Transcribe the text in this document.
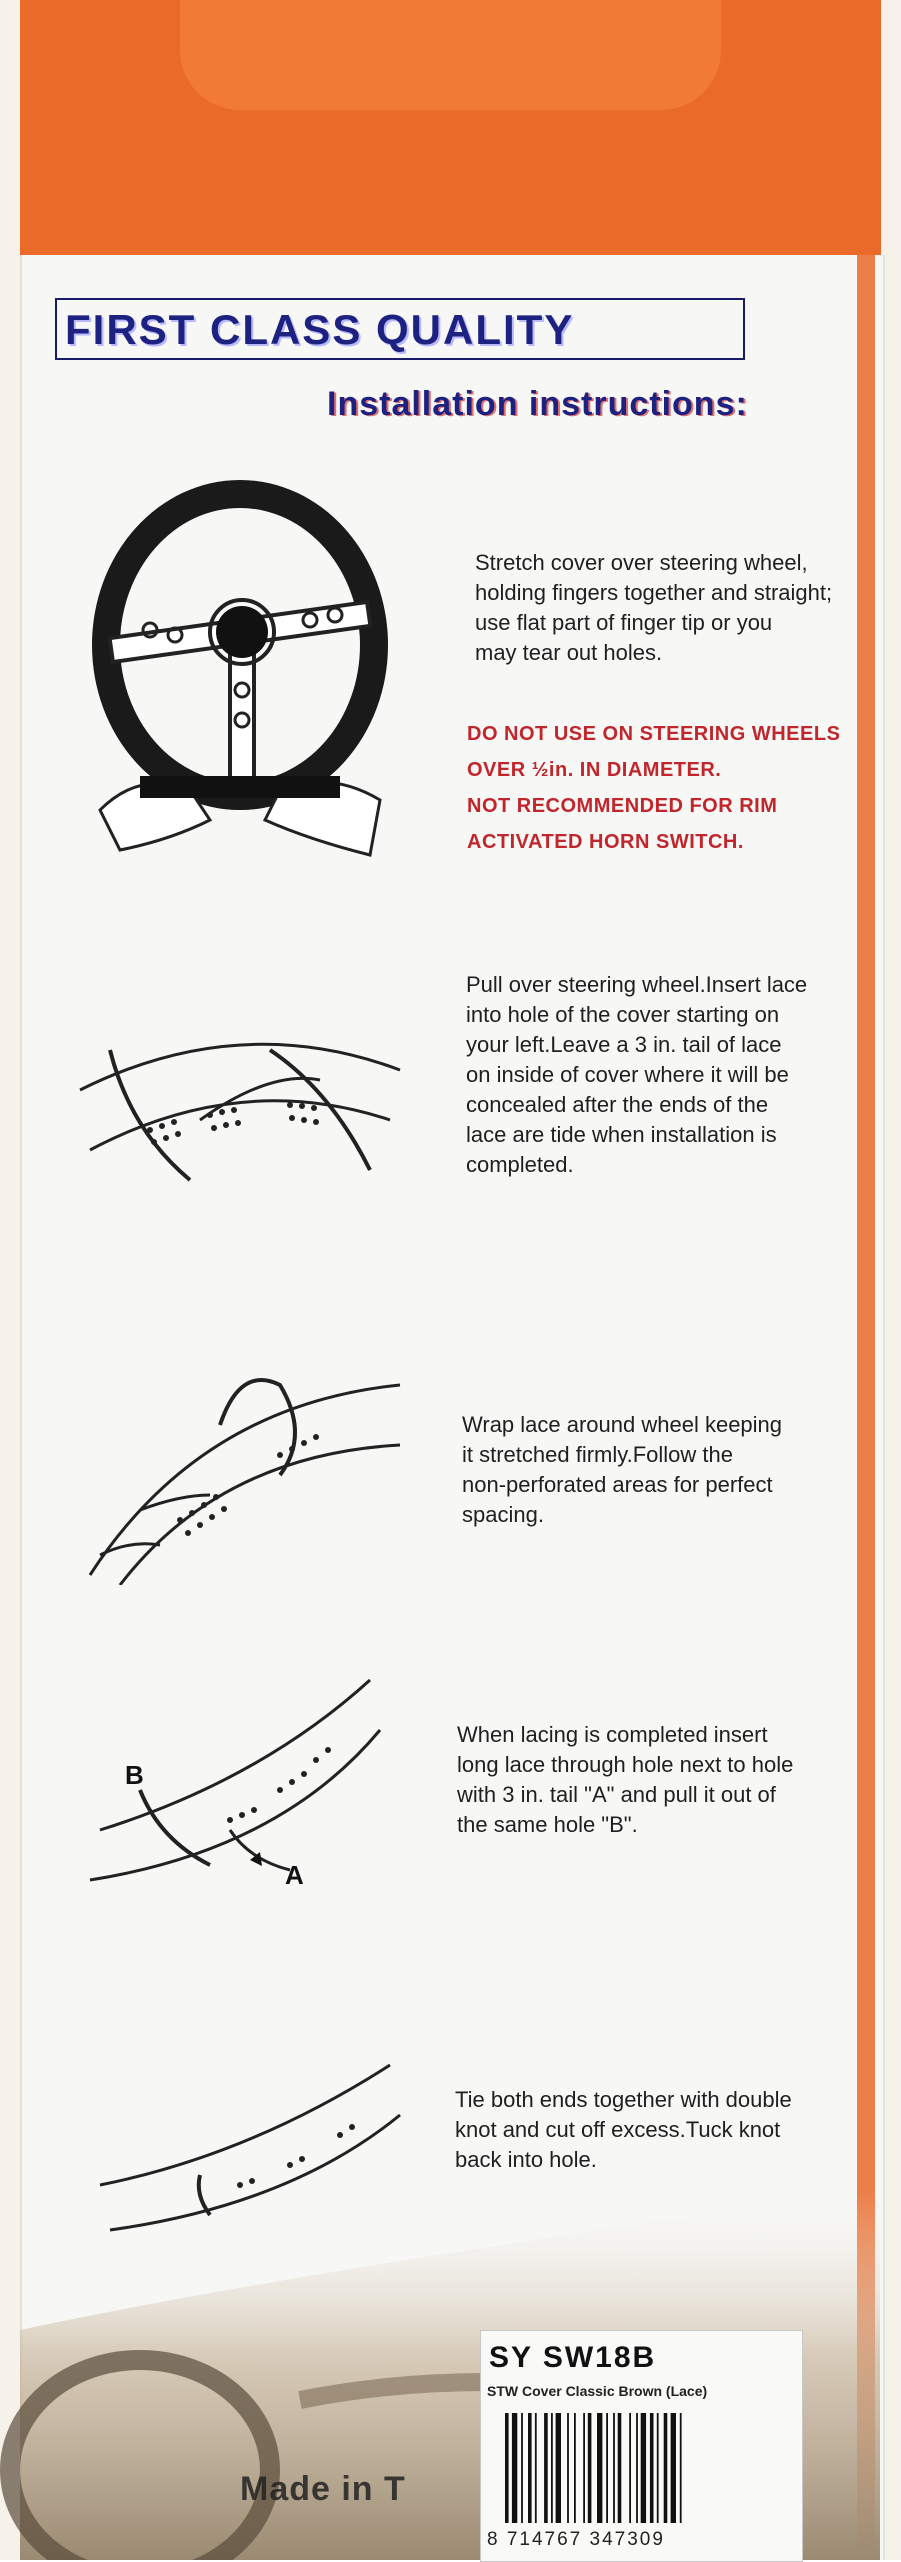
FIRST CLASS QUALITY
Installation instructions:
Stretch cover over steering wheel,
holding fingers together and straight;
use flat part of finger tip or you
may tear out holes.
DO NOT USE ON STEERING WHEELS
OVER ½in. IN DIAMETER.
NOT RECOMMENDED FOR RIM
ACTIVATED HORN SWITCH.
Pull over steering wheel.Insert lace
into hole of the cover starting on
your left.Leave a 3 in. tail of lace
on inside of cover where it will be
concealed after the ends of the
lace are tide when installation is
completed.
Wrap lace around wheel keeping
it stretched firmly.Follow the
non-perforated areas for perfect
spacing.
B
A
When lacing is completed insert
long lace through hole next to hole
with 3 in. tail "A" and pull it out of
the same hole "B".
Tie both ends together with double
knot and cut off excess.Tuck knot
back into hole.
Made in T
SY SW18B
STW Cover Classic Brown (Lace)
8 714767 347309
